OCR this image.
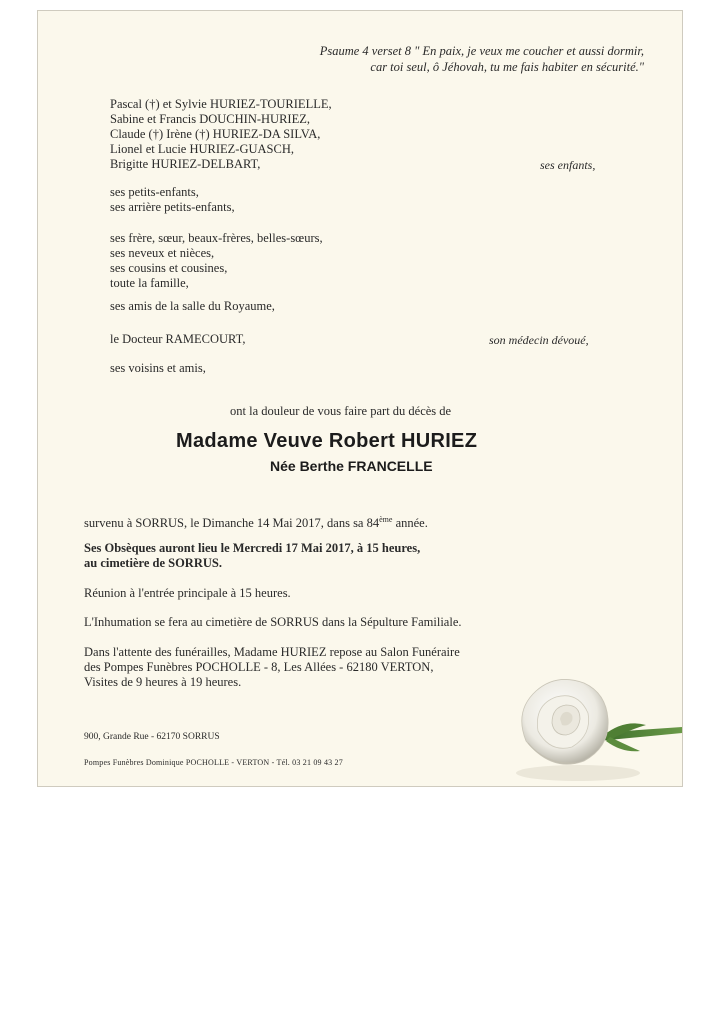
Psaume 4 verset 8 " En paix, je veux me coucher et aussi dormir,
car toi seul, ô Jéhovah, tu me fais habiter en sécurité."
Pascal (†) et Sylvie HURIEZ-TOURIELLE,
Sabine et Francis DOUCHIN-HURIEZ,
Claude (†) Irène (†) HURIEZ-DA SILVA,
Lionel et Lucie HURIEZ-GUASCH,
Brigitte HURIEZ-DELBART,	ses enfants,
ses petits-enfants,
ses arrière petits-enfants,
ses frère, sœur, beaux-frères, belles-sœurs,
ses neveux et nièces,
ses cousins et cousines,
toute la famille,
ses amis de la salle du Royaume,
le Docteur RAMECOURT,	son médecin dévoué,
ses voisins et amis,
ont la douleur de vous faire part du décès de
Madame Veuve Robert HURIEZ
Née Berthe FRANCELLE
survenu à SORRUS, le Dimanche 14 Mai 2017, dans sa 84ème année.
Ses Obsèques auront lieu le Mercredi 17 Mai 2017, à 15 heures,
au cimetière de SORRUS.
Réunion à l'entrée principale à 15 heures.
L'Inhumation se fera au cimetière de SORRUS dans la Sépulture Familiale.
Dans l'attente des funérailles, Madame HURIEZ repose au Salon Funéraire
des Pompes Funèbres POCHOLLE - 8, Les Allées - 62180 VERTON,
Visites de 9 heures à 19 heures.
900, Grande Rue - 62170 SORRUS
Pompes Funèbres Dominique POCHOLLE - VERTON - Tél. 03 21 09 43 27
